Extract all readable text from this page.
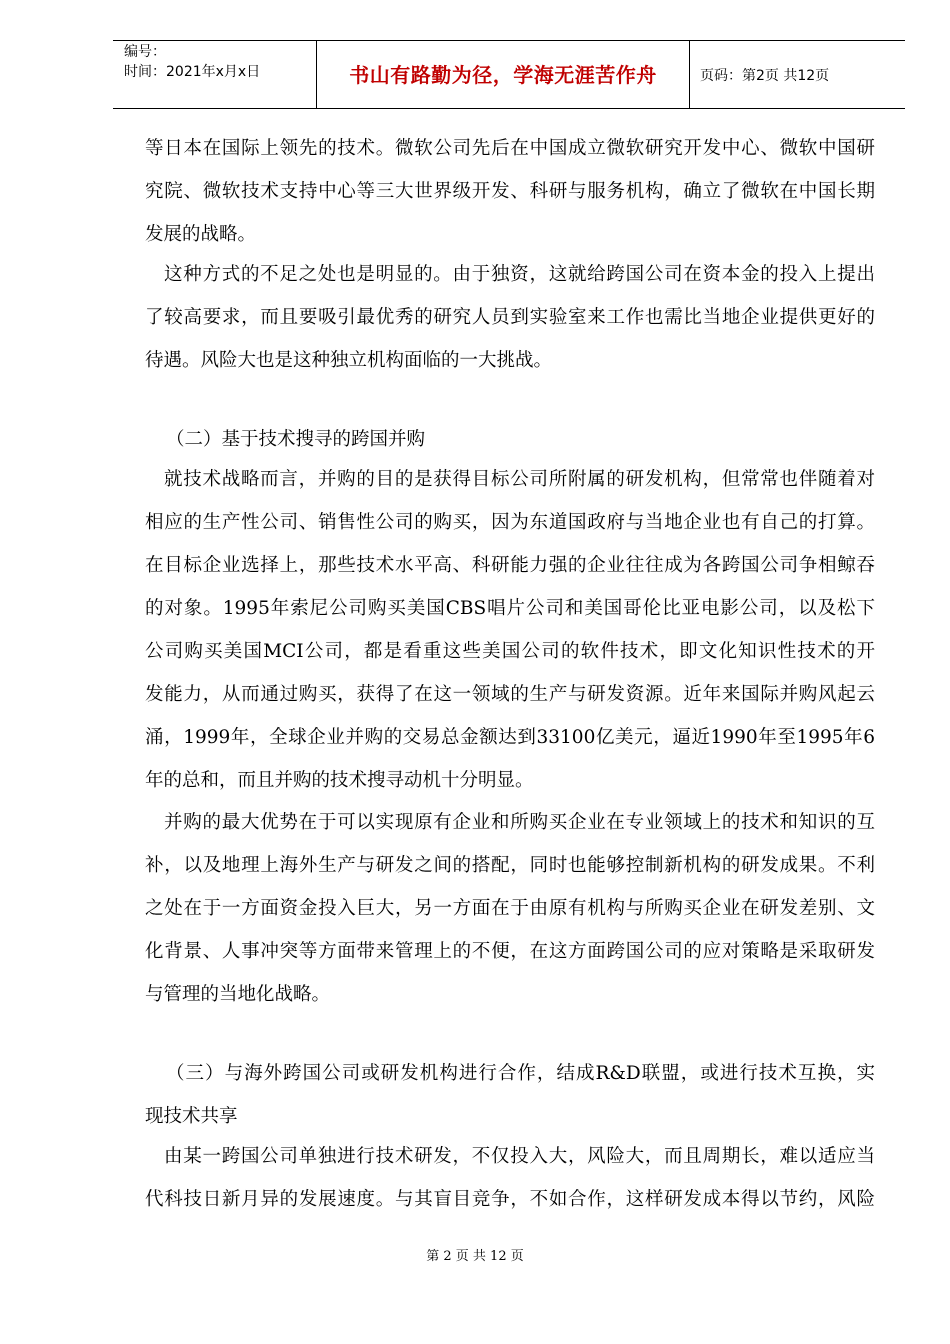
编号：
时间：2021年x月x日	书山有路勤为径，学海无涯苦作舟	页码：第2页 共12页
等日本在国际上领先的技术。微软公司先后在中国成立微软研究开发中心、微软中国研
究院、微软技术支持中心等三大世界级开发、科研与服务机构，确立了微软在中国长期
发展的战略。
这种方式的不足之处也是明显的。由于独资，这就给跨国公司在资本金的投入上提出
了较高要求，而且要吸引最优秀的研究人员到实验室来工作也需比当地企业提供更好的
待遇。风险大也是这种独立机构面临的一大挑战。
（二）基于技术搜寻的跨国并购
就技术战略而言，并购的目的是获得目标公司所附属的研发机构，但常常也伴随着对
相应的生产性公司、销售性公司的购买，因为东道国政府与当地企业也有自己的打算。
在目标企业选择上，那些技术水平高、科研能力强的企业往往成为各跨国公司争相鲸吞
的对象。1995年索尼公司购买美国CBS唱片公司和美国哥伦比亚电影公司，以及松下
公司购买美国MCI公司，都是看重这些美国公司的软件技术，即文化知识性技术的开
发能力，从而通过购买，获得了在这一领域的生产与研发资源。近年来国际并购风起云
涌，1999年，全球企业并购的交易总金额达到33100亿美元，逼近1990年至1995年6
年的总和，而且并购的技术搜寻动机十分明显。
并购的最大优势在于可以实现原有企业和所购买企业在专业领域上的技术和知识的互
补，以及地理上海外生产与研发之间的搭配，同时也能够控制新机构的研发成果。不利
之处在于一方面资金投入巨大，另一方面在于由原有机构与所购买企业在研发差别、文
化背景、人事冲突等方面带来管理上的不便，在这方面跨国公司的应对策略是采取研发
与管理的当地化战略。
（三）与海外跨国公司或研发机构进行合作，结成R&D联盟，或进行技术互换，实
现技术共享
由某一跨国公司单独进行技术研发，不仅投入大，风险大，而且周期长，难以适应当
代科技日新月异的发展速度。与其盲目竞争，不如合作，这样研发成本得以节约，风险
第 2 页 共 12 页
